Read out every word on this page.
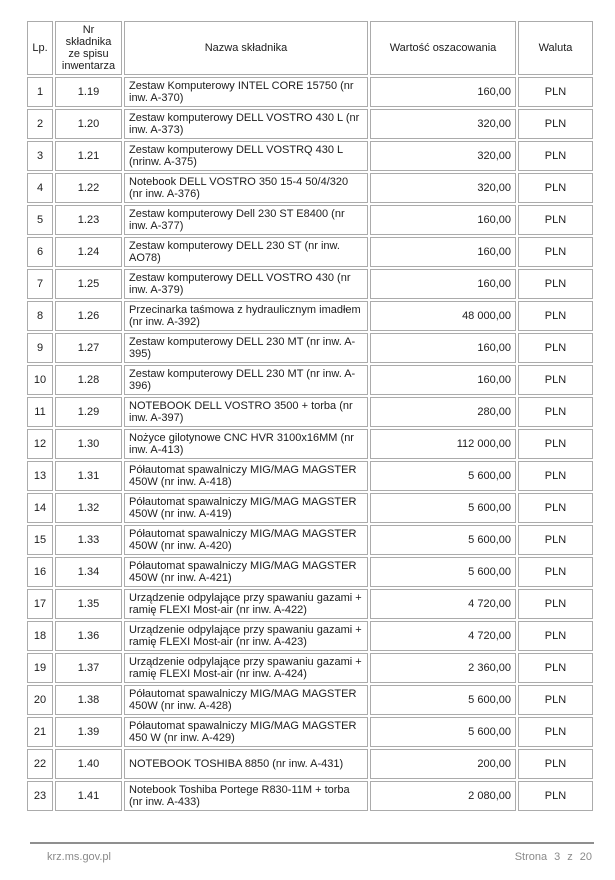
Lp.	Nr składnika ze spisu inwentarza	Nazwa składnika	Wartość oszacowania	Waluta
1	1.19	Zestaw Komputerowy INTEL CORE 15750 (nr inw. A-370)	160,00	PLN
2	1.20	Zestaw komputerowy DELL VOSTRO 430 L (nr inw. A-373)	320,00	PLN
3	1.21	Zestaw komputerowy DELL VOSTRQ 430 L (nrinw. A-375)	320,00	PLN
4	1.22	Notebook DELL VOSTRO 350 15-4 50/4/320 (nr inw. A-376)	320,00	PLN
5	1.23	Zestaw komputerowy Dell 230 ST E8400 (nr inw. A-377)	160,00	PLN
6	1.24	Zestaw komputerowy DELL 230 ST (nr inw. AO78)	160,00	PLN
7	1.25	Zestaw komputerowy DELL VOSTRO 430 (nr inw. A-379)	160,00	PLN
8	1.26	Przecinarka taśmowa z hydraulicznym imadłem (nr inw. A-392)	48 000,00	PLN
9	1.27	Zestaw komputerowy DELL 230 MT (nr inw. A-395)	160,00	PLN
10	1.28	Zestaw komputerowy DELL 230 MT (nr inw. A-396)	160,00	PLN
11	1.29	NOTEBOOK DELL VOSTRO 3500 + torba (nr inw. A-397)	280,00	PLN
12	1.30	Nożyce gilotynowe CNC HVR 3100x16MM (nr inw. A-413)	112 000,00	PLN
13	1.31	Półautomat spawalniczy MIG/MAG MAGSTER 450W (nr inw. A-418)	5 600,00	PLN
14	1.32	Półautomat spawalniczy MIG/MAG MAGSTER 450W (nr inw. A-419)	5 600,00	PLN
15	1.33	Półautomat spawalniczy MIG/MAG MAGSTER 450W (nr inw. A-420)	5 600,00	PLN
16	1.34	Półautomat spawalniczy MIG/MAG MAGSTER 450W (nr inw. A-421)	5 600,00	PLN
17	1.35	Urządzenie odpylające przy spawaniu gazami + ramię FLEXI Most-air (nr inw. A-422)	4 720,00	PLN
18	1.36	Urządzenie odpylające przy spawaniu gazami + ramię FLEXI Most-air (nr inw. A-423)	4 720,00	PLN
19	1.37	Urządzenie odpylające przy spawaniu gazami + ramię FLEXI Most-air (nr inw. A-424)	2 360,00	PLN
20	1.38	Półautomat spawalniczy MIG/MAG MAGSTER 450W (nr inw. A-428)	5 600,00	PLN
21	1.39	Półautomat spawalniczy MIG/MAG MAGSTER 450 W (nr inw. A-429)	5 600,00	PLN
22	1.40	NOTEBOOK TOSHIBA 8850 (nr inw. A-431)	200,00	PLN
23	1.41	Notebook Toshiba Portege R830-11M + torba (nr inw. A-433)	2 080,00	PLN
krz.ms.gov.pl	Strona 3 z 20
